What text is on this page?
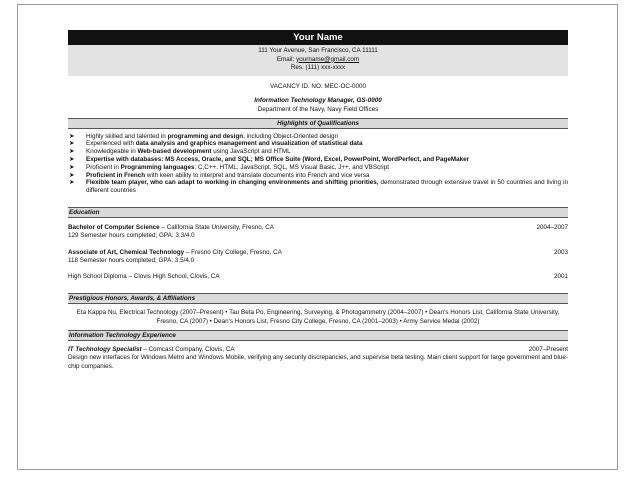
Your Name
111 Your Avenue, San Francisco, CA 11111
Email: yourname@gmail.com
Res. (111) xxx-xxxx
VACANCY ID. NO. MEC-OC-0000
Information Technology Manager, GS-0000
Department of the Navy, Navy Field Offices
Highlights of Qualifications
➤ Highly skilled and talented in programming and design, including Object-Oriented design
➤ Experienced with data analysis and graphics management and visualization of statistical data
➤ Knowledgeable in Web-based development using JavaScript and HTML
➤ Expertise with databases: MS Access, Oracle, and SQL; MS Office Suite (Word, Excel, PowerPoint, WordPerfect, and PageMaker
➤ Proficient in Programming languages: C,C++, HTML, JavaScript, SQL, MS Visual Basic, J++, and VBScript
➤ Proficient in French with keen ability to interpret and translate documents into French and vice versa
➤ Flexible team player, who can adapt to working in changing environments and shifting priorities, demonstrated through extensive travel in 50 countries and living in different countries
Education
Bachelor of Computer Science – California State University, Fresno, CA	2004–2007
129 Semester hours completed; GPA: 3.3/4.0
Associate of Art, Chemical Technology – Fresno City College, Fresno, CA	2003
118 Semester hours completed; GPA: 3.5/4.0
High School Diploma – Clovis High School, Clovis, CA	2001
Prestigious Honors, Awards, & Affiliations
Eta Kappa Nu, Electrical Technology (2007–Present) • Tau Beta Po, Engineering, Surveying, & Photogammetry (2004–2007) • Dean's Honors List, California State University, Fresno, CA (2007) • Dean's Honors List, Fresno City College, Fresno, CA (2001–2003) • Army Service Medal (2002)
Information Technology Experience
IT Technology Specialist – Comcast Company, Clovis, CA	2007–Present
Design new interfaces for Windows Metro and Windows Mobile, verifying any security discrepancies, and supervise beta testing. Main client support for large government and blue-chip companies.
